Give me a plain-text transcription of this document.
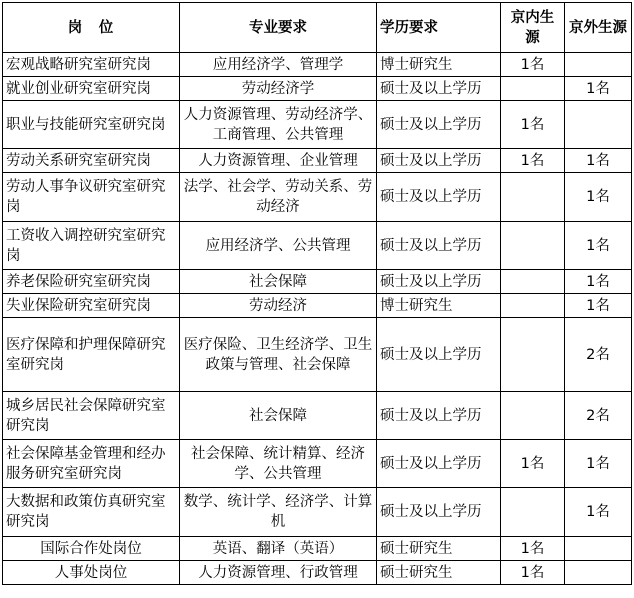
岗　位	专业要求	学历要求	京内生源	京外生源
宏观战略研究室研究岗	应用经济学、管理学	博士研究生	1名	
就业创业研究室研究岗	劳动经济学	硕士及以上学历		1名
职业与技能研究室研究岗	人力资源管理、劳动经济学、工商管理、公共管理	硕士及以上学历	1名	
劳动关系研究室研究岗	人力资源管理、企业管理	硕士及以上学历	1名	1名
劳动人事争议研究室研究岗	法学、社会学、劳动关系、劳动经济	硕士及以上学历		1名
工资收入调控研究室研究岗	应用经济学、公共管理	硕士及以上学历		1名
养老保险研究室研究岗	社会保障	硕士及以上学历		1名
失业保险研究室研究岗	劳动经济	博士研究生		1名
医疗保障和护理保障研究室研究岗	医疗保险、卫生经济学、卫生政策与管理、社会保障	硕士及以上学历		2名
城乡居民社会保障研究室研究岗	社会保障	硕士及以上学历		2名
社会保障基金管理和经办服务研究室研究岗	社会保障、统计精算、经济学、公共管理	硕士及以上学历	1名	1名
大数据和政策仿真研究室研究岗	数学、统计学、经济学、计算机	硕士及以上学历		1名
国际合作处岗位	英语、翻译（英语）	硕士研究生	1名	
人事处岗位	人力资源管理、行政管理	硕士研究生	1名	
